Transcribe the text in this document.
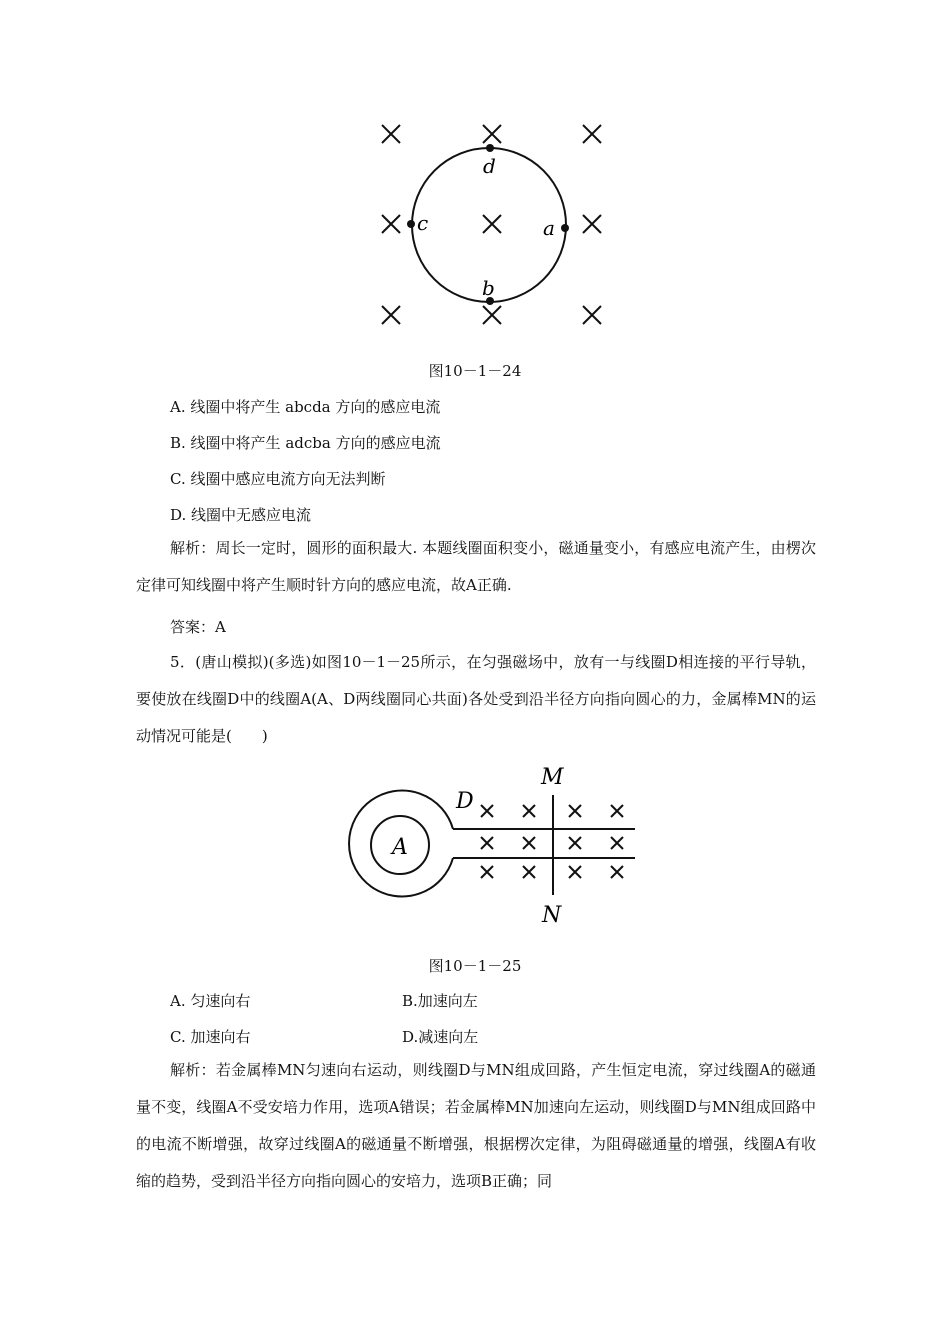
d
c	a
b
图10－1－24
A. 线圈中将产生 abcda 方向的感应电流
B. 线圈中将产生 adcba 方向的感应电流
C. 线圈中感应电流方向无法判断
D. 线圈中无感应电流
解析：周长一定时，圆形的面积最大. 本题线圈面积变小，磁通量变小，有感应电流产生，由楞次定律可知线圈中将产生顺时针方向的感应电流，故A正确.
答案：A
5．(唐山模拟)(多选)如图10－1－25所示，在匀强磁场中，放有一与线圈D相连接的平行导轨，要使放在线圈D中的线圈A(A、D两线圈同心共面)各处受到沿半径方向指向圆心的力，金属棒MN的运动情况可能是(　　)
M
N
D
A
图10－1－25
A. 匀速向右	B.加速向左
C. 加速向右	D.减速向左
解析：若金属棒MN匀速向右运动，则线圈D与MN组成回路，产生恒定电流，穿过线圈A的磁通量不变，线圈A不受安培力作用，选项A错误；若金属棒MN加速向左运动，则线圈D与MN组成回路中的电流不断增强，故穿过线圈A的磁通量不断增强，根据楞次定律，为阻碍磁通量的增强，线圈A有收缩的趋势，受到沿半径方向指向圆心的安培力，选项B正确；同
